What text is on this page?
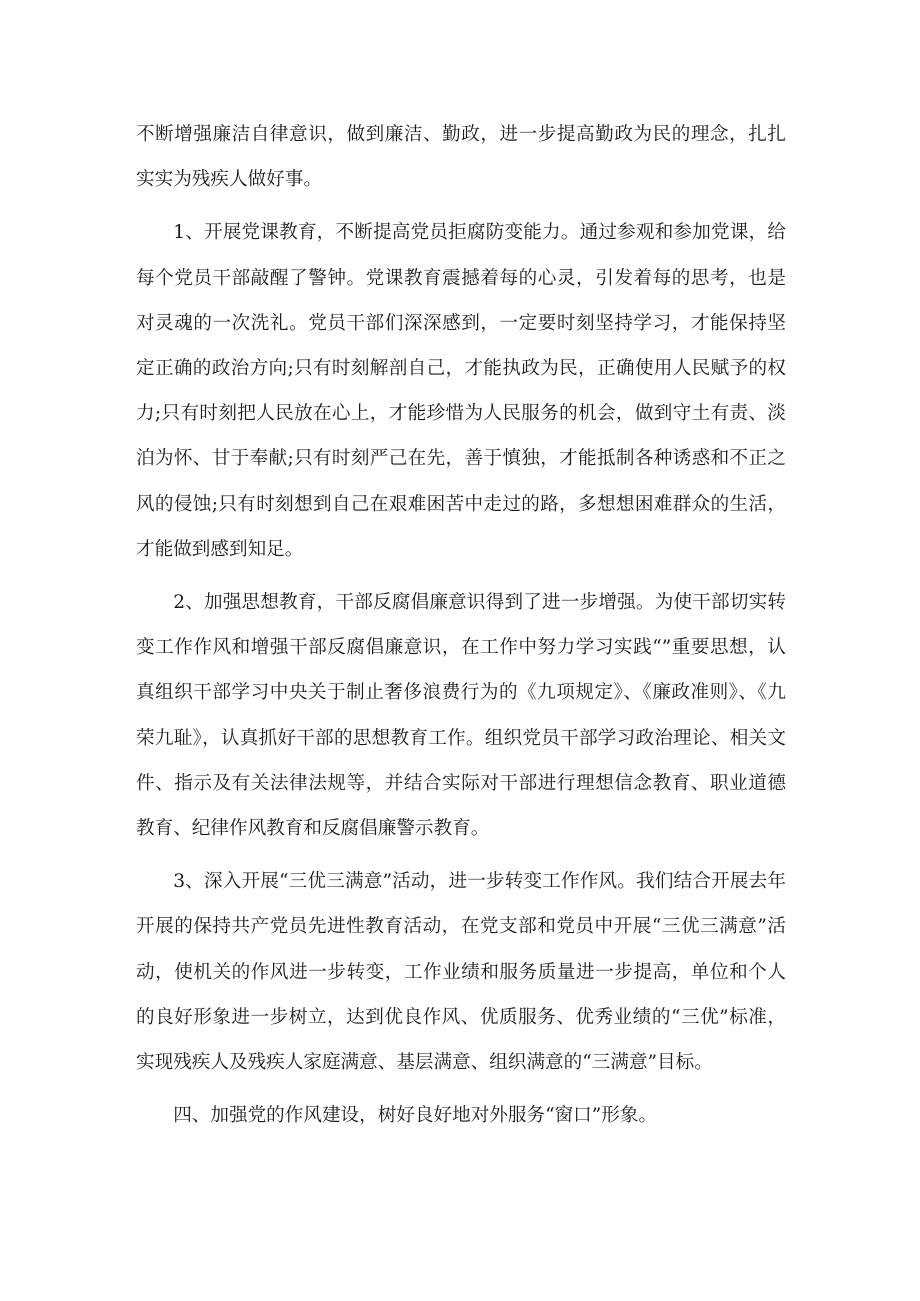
不断增强廉洁自律意识，做到廉洁、勤政，进一步提高勤政为民的理念，扎扎实实为残疾人做好事。

1、开展党课教育，不断提高党员拒腐防变能力。通过参观和参加党课，给每个党员干部敲醒了警钟。党课教育震撼着每的心灵，引发着每的思考，也是对灵魂的一次洗礼。党员干部们深深感到，一定要时刻坚持学习，才能保持坚定正确的政治方向;只有时刻解剖自己，才能执政为民，正确使用人民赋予的权力;只有时刻把人民放在心上，才能珍惜为人民服务的机会，做到守土有责、淡泊为怀、甘于奉献;只有时刻严己在先，善于慎独，才能抵制各种诱惑和不正之风的侵蚀;只有时刻想到自己在艰难困苦中走过的路，多想想困难群众的生活，才能做到感到知足。

2、加强思想教育，干部反腐倡廉意识得到了进一步增强。为使干部切实转变工作作风和增强干部反腐倡廉意识，在工作中努力学习实践“”重要思想，认真组织干部学习中央关于制止奢侈浪费行为的《九项规定》、《廉政准则》、《九荣九耻》，认真抓好干部的思想教育工作。组织党员干部学习政治理论、相关文件、指示及有关法律法规等，并结合实际对干部进行理想信念教育、职业道德教育、纪律作风教育和反腐倡廉警示教育。

3、深入开展“三优三满意”活动，进一步转变工作作风。我们结合开展去年开展的保持共产党员先进性教育活动，在党支部和党员中开展“三优三满意”活动，使机关的作风进一步转变，工作业绩和服务质量进一步提高，单位和个人的良好形象进一步树立，达到优良作风、优质服务、优秀业绩的“三优”标准，实现残疾人及残疾人家庭满意、基层满意、组织满意的“三满意”目标。

四、加强党的作风建设，树好良好地对外服务“窗口”形象。
